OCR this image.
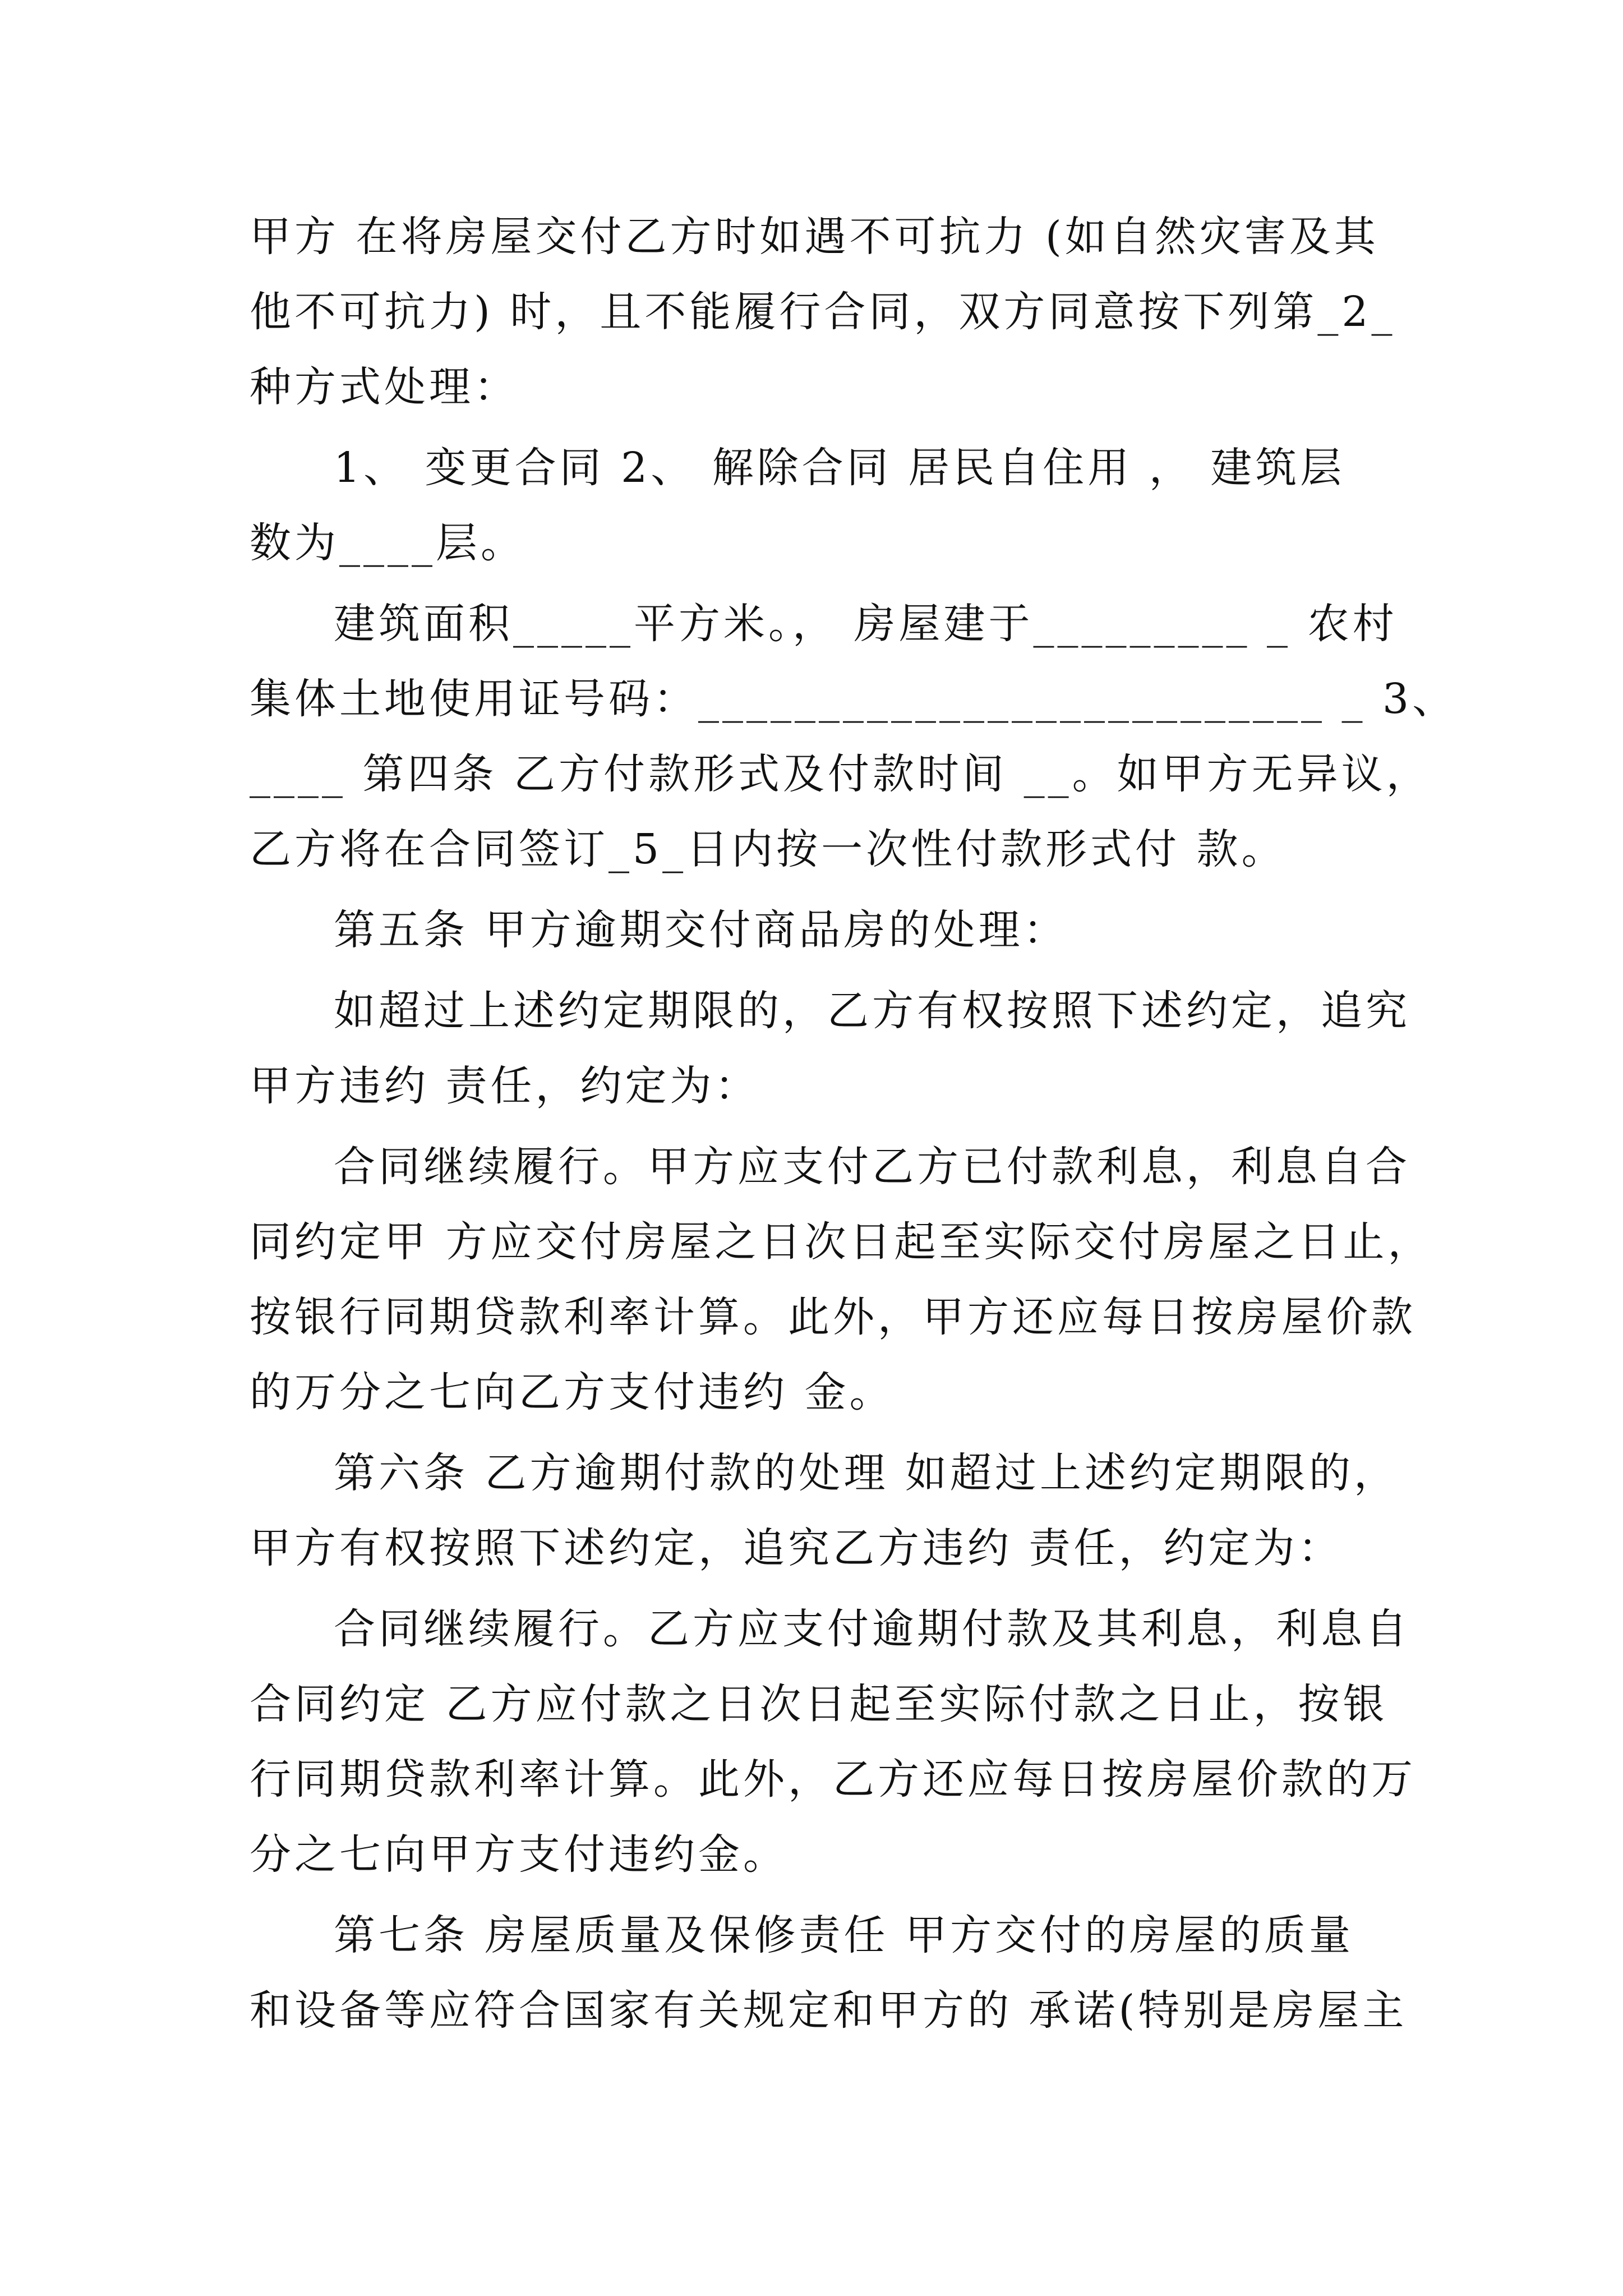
甲方 在将房屋交付乙方时如遇不可抗力 (如自然灾害及其
他不可抗力) 时，且不能履行合同，双方同意按下列第_2_
种方式处理：
1、 变更合同 2、 解除合同 居民自住用 ， 建筑层
数为____层。
建筑面积_____平方米。， 房屋建于_________ _ 农村
集体土地使用证号码：__________________________ _ 3、
____ 第四条 乙方付款形式及付款时间 __。如甲方无异议，
乙方将在合同签订_5_日内按一次性付款形式付 款。
第五条 甲方逾期交付商品房的处理：
如超过上述约定期限的，乙方有权按照下述约定，追究
甲方违约 责任，约定为：
合同继续履行。甲方应支付乙方已付款利息，利息自合
同约定甲 方应交付房屋之日次日起至实际交付房屋之日止，
按银行同期贷款利率计算。此外，甲方还应每日按房屋价款
的万分之七向乙方支付违约 金。
第六条 乙方逾期付款的处理 如超过上述约定期限的，
甲方有权按照下述约定，追究乙方违约 责任，约定为：
合同继续履行。乙方应支付逾期付款及其利息，利息自
合同约定 乙方应付款之日次日起至实际付款之日止，按银
行同期贷款利率计算。此外，乙方还应每日按房屋价款的万
分之七向甲方支付违约金。
第七条 房屋质量及保修责任 甲方交付的房屋的质量
和设备等应符合国家有关规定和甲方的 承诺(特别是房屋主
